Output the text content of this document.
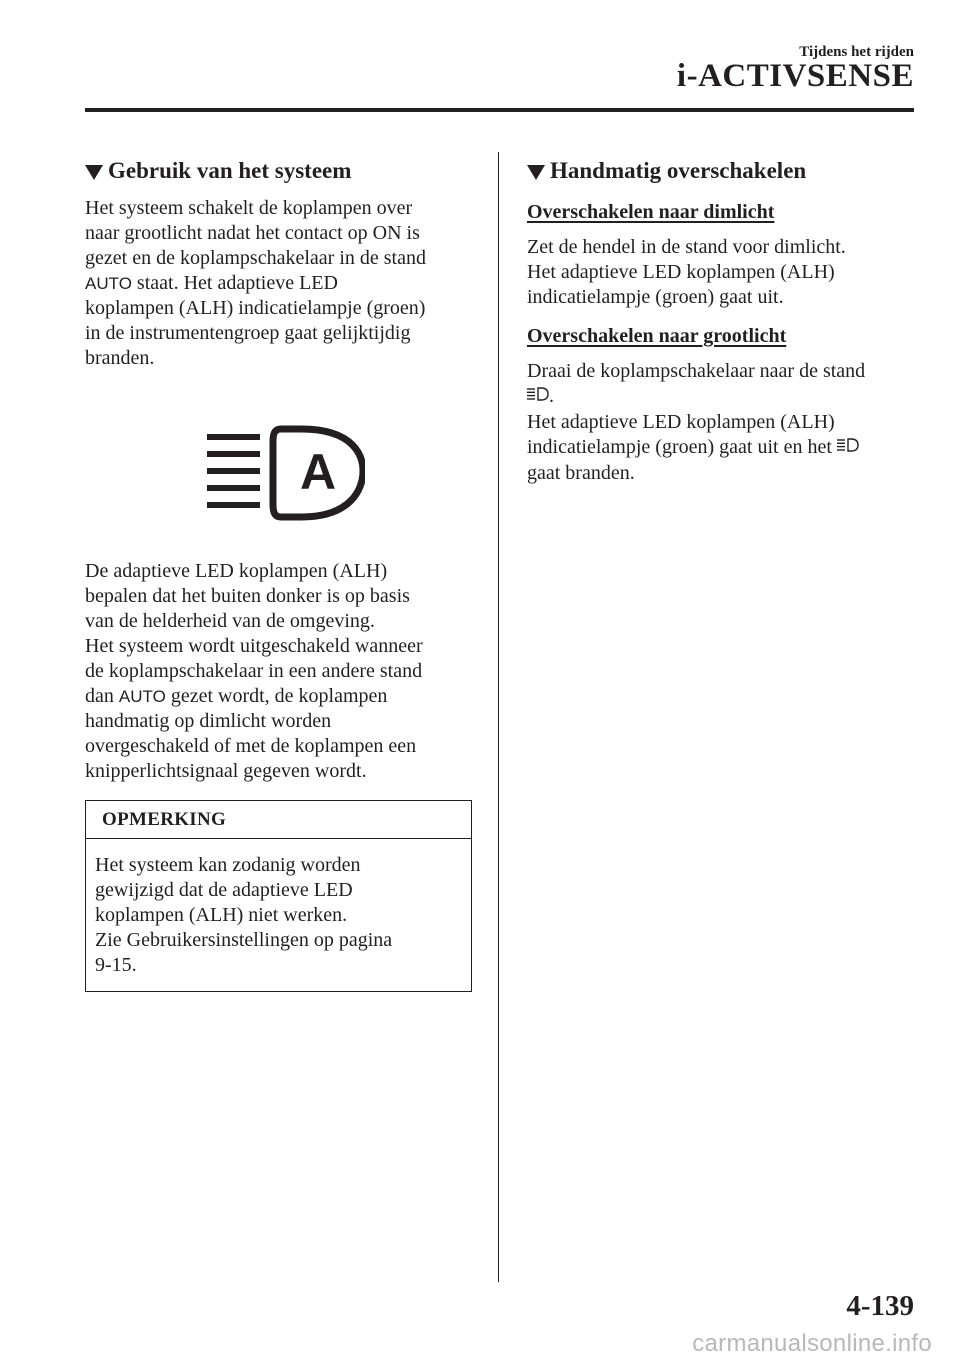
Tijdens het rijden
i-ACTIVSENSE
Gebruik van het systeem

Het systeem schakelt de koplampen over

naar grootlicht nadat het contact op ON is

gezet en de koplampschakelaar in de stand

AUTO staat. Het adaptieve LED

koplampen (ALH) indicatielampje (groen)

in de instrumentengroep gaat gelijktijdig

branden.

A

De adaptieve LED koplampen (ALH)

bepalen dat het buiten donker is op basis

van de helderheid van de omgeving.

Het systeem wordt uitgeschakeld wanneer

de koplampschakelaar in een andere stand

dan AUTO gezet wordt, de koplampen

handmatig op dimlicht worden

overgeschakeld of met de koplampen een

knipperlichtsignaal gegeven wordt.

OPMERKING

Het systeem kan zodanig worden

gewijzigd dat de adaptieve LED

koplampen (ALH) niet werken.

Zie Gebruikersinstellingen op pagina

9-15.

Handmatig overschakelen
Overschakelen naar dimlicht

Zet de hendel in de stand voor dimlicht.

Het adaptieve LED koplampen (ALH)

indicatielampje (groen) gaat uit.

Overschakelen naar grootlicht

Draai de koplampschakelaar naar de stand

.

Het adaptieve LED koplampen (ALH)

indicatielampje (groen) gaat uit en het

gaat branden.

4-139
carmanualsonline.info
